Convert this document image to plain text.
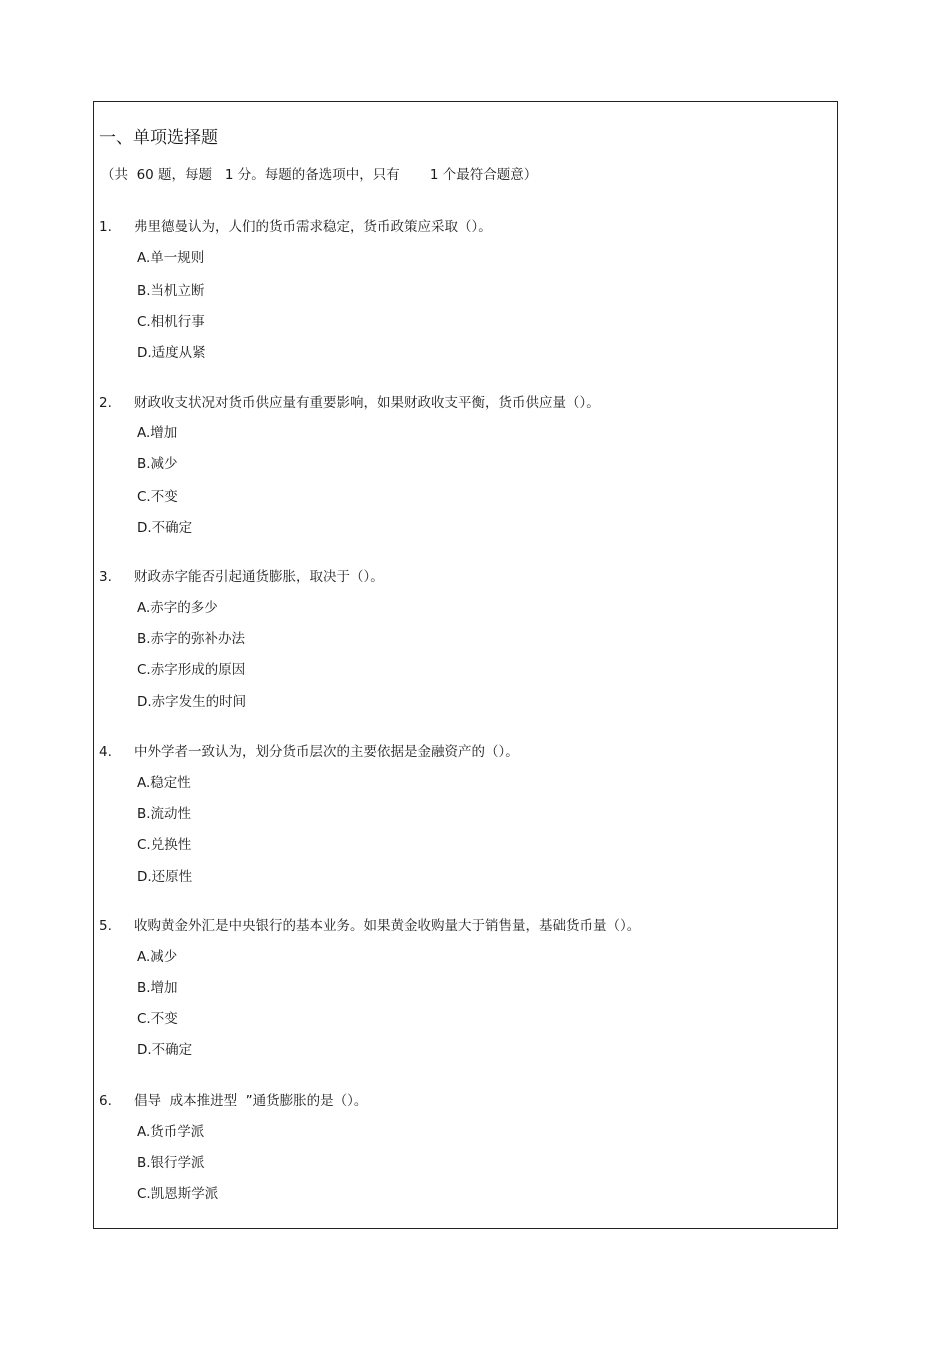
一、单项选择题
（共  60 题，每题   1 分。每题的备选项中，只有       1 个最符合题意）
1. 弗里德曼认为，人们的货币需求稳定，货币政策应采取（）。
A.单一规则
B.当机立断
C.相机行事
D.适度从紧
2. 财政收支状况对货币供应量有重要影响，如果财政收支平衡，货币供应量（）。
A.增加
B.减少
C.不变
D.不确定
3. 财政赤字能否引起通货膨胀，取决于（）。
A.赤字的多少
B.赤字的弥补办法
C.赤字形成的原因
D.赤字发生的时间
4. 中外学者一致认为，划分货币层次的主要依据是金融资产的（）。
A.稳定性
B.流动性
C.兑换性
D.还原性
5. 收购黄金外汇是中央银行的基本业务。如果黄金收购量大于销售量，基础货币量（）。
A.减少
B.增加
C.不变
D.不确定
6. 倡导  成本推进型  ”通货膨胀的是（）。
A.货币学派
B.银行学派
C.凯恩斯学派
